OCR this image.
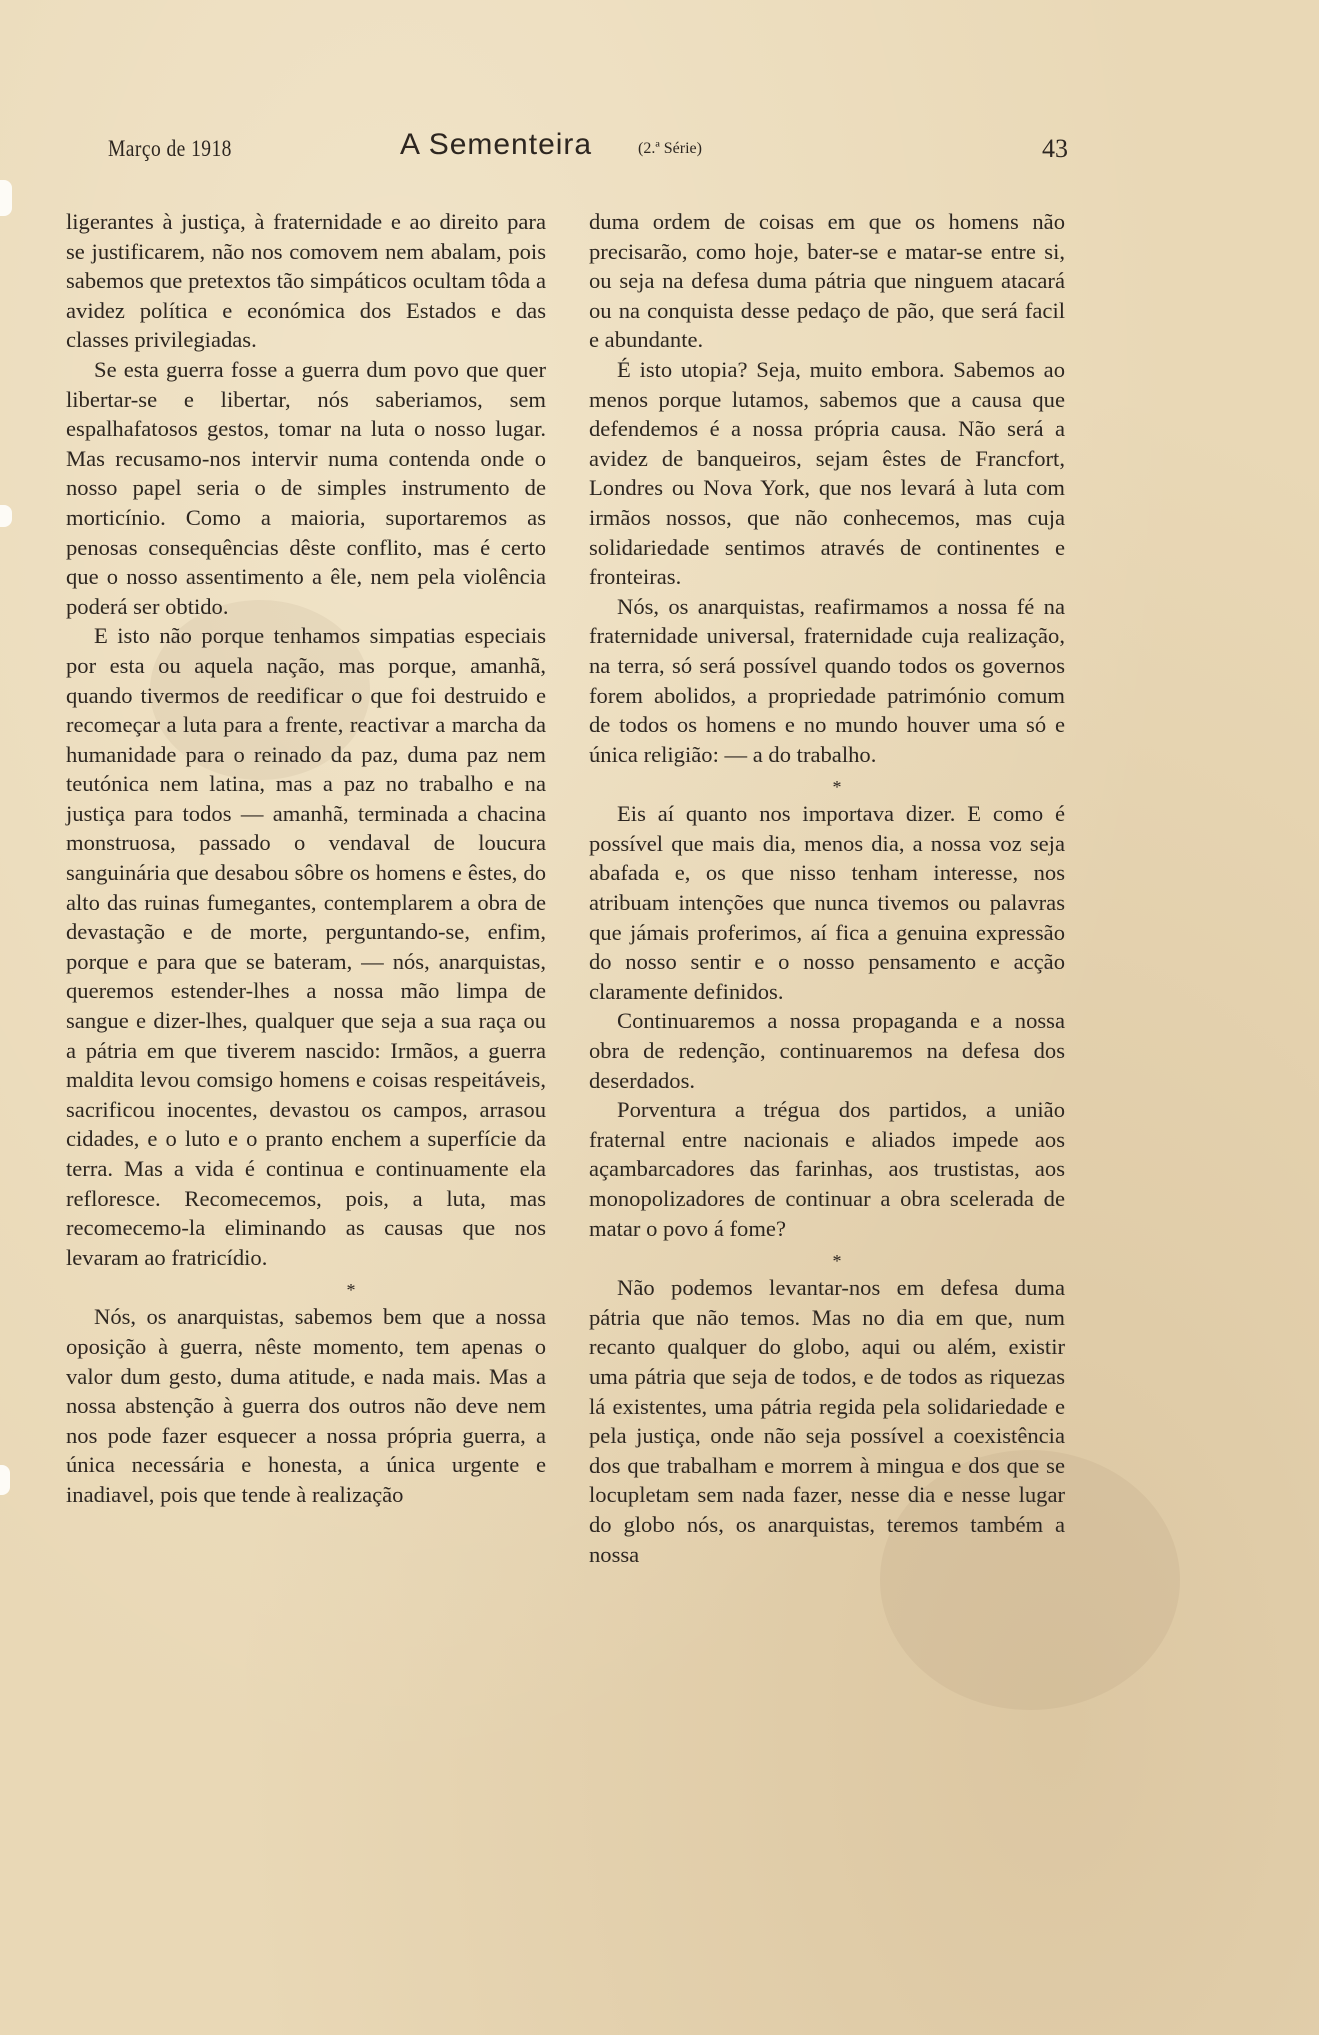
Março de 1918	A Sementeira	(2.ª Série)	43

ligerantes à justiça, à fraternidade e ao direito para se justificarem, não nos comovem nem abalam, pois sabemos que pretextos tão simpáticos ocultam tôda a avidez política e económica dos Estados e das classes privilegiadas.

Se esta guerra fosse a guerra dum povo que quer libertar-se e libertar, nós saberiamos, sem espalhafatosos gestos, tomar na luta o nosso lugar. Mas recusamo-nos intervir numa contenda onde o nosso papel seria o de simples instrumento de morticínio. Como a maioria, suportaremos as penosas consequências dêste conflito, mas é certo que o nosso assentimento a êle, nem pela violência poderá ser obtido.

E isto não porque tenhamos simpatias especiais por esta ou aquela nação, mas porque, amanhã, quando tivermos de reedificar o que foi destruido e recomeçar a luta para a frente, reactivar a marcha da humanidade para o reinado da paz, duma paz nem teutónica nem latina, mas a paz no trabalho e na justiça para todos — amanhã, terminada a chacina monstruosa, passado o vendaval de loucura sanguinária que desabou sôbre os homens e êstes, do alto das ruinas fumegantes, contemplarem a obra de devastação e de morte, perguntando-se, enfim, porque e para que se bateram, — nós, anarquistas, queremos estender-lhes a nossa mão limpa de sangue e dizer-lhes, qualquer que seja a sua raça ou a pátria em que tiverem nascido: Irmãos, a guerra maldita levou comsigo homens e coisas respeitáveis, sacrificou inocentes, devastou os campos, arrasou cidades, e o luto e o pranto enchem a superfície da terra. Mas a vida é continua e continuamente ela refloresce. Recomecemos, pois, a luta, mas recomecemo-la eliminando as causas que nos levaram ao fratricídio.

*

Nós, os anarquistas, sabemos bem que a nossa oposição à guerra, nêste momento, tem apenas o valor dum gesto, duma atitude, e nada mais. Mas a nossa abstenção à guerra dos outros não deve nem nos pode fazer esquecer a nossa própria guerra, a única necessária e honesta, a única urgente e inadiavel, pois que tende à realização

duma ordem de coisas em que os homens não precisarão, como hoje, bater-se e matar-se entre si, ou seja na defesa duma pátria que ninguem atacará ou na conquista desse pedaço de pão, que será facil e abundante.

É isto utopia? Seja, muito embora. Sabemos ao menos porque lutamos, sabemos que a causa que defendemos é a nossa própria causa. Não será a avidez de banqueiros, sejam êstes de Francfort, Londres ou Nova York, que nos levará à luta com irmãos nossos, que não conhecemos, mas cuja solidariedade sentimos através de continentes e fronteiras.

Nós, os anarquistas, reafirmamos a nossa fé na fraternidade universal, fraternidade cuja realização, na terra, só será possível quando todos os governos forem abolidos, a propriedade património comum de todos os homens e no mundo houver uma só e única religião: — a do trabalho.

*

Eis aí quanto nos importava dizer. E como é possível que mais dia, menos dia, a nossa voz seja abafada e, os que nisso tenham interesse, nos atribuam intenções que nunca tivemos ou palavras que jámais proferimos, aí fica a genuina expressão do nosso sentir e o nosso pensamento e acção claramente definidos.

Continuaremos a nossa propaganda e a nossa obra de redenção, continuaremos na defesa dos deserdados.

Porventura a trégua dos partidos, a união fraternal entre nacionais e aliados impede aos açambarcadores das farinhas, aos trustistas, aos monopolizadores de continuar a obra scelerada de matar o povo á fome?

*

Não podemos levantar-nos em defesa duma pátria que não temos. Mas no dia em que, num recanto qualquer do globo, aqui ou além, existir uma pátria que seja de todos, e de todos as riquezas lá existentes, uma pátria regida pela solidariedade e pela justiça, onde não seja possível a coexistência dos que trabalham e morrem à mingua e dos que se locupletam sem nada fazer, nesse dia e nesse lugar do globo nós, os anarquistas, teremos também a nossa
